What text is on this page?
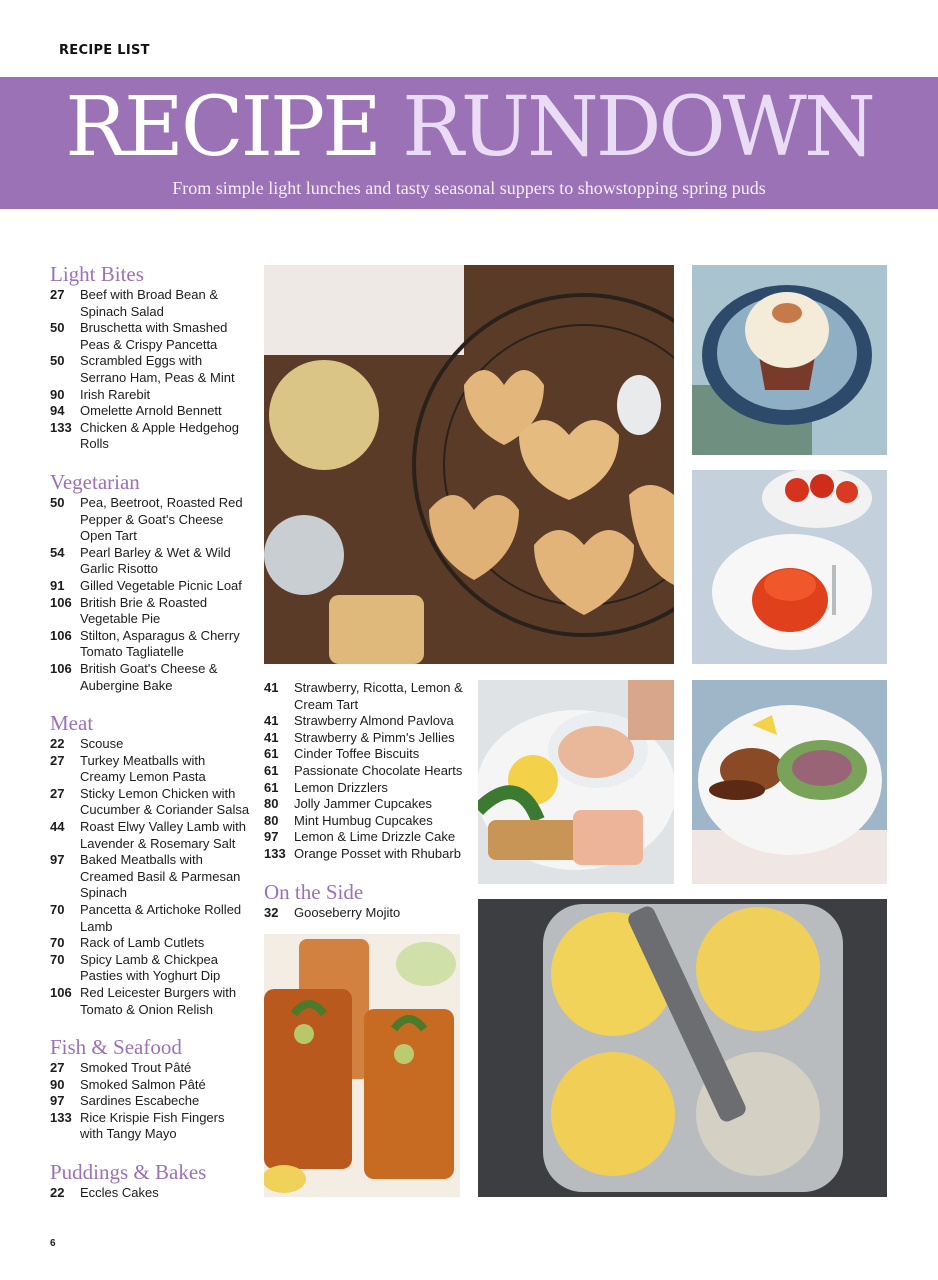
RECIPE LIST
RECIPE RUNDOWN
From simple light lunches and tasty seasonal suppers to showstopping spring puds
Light Bites
27	Beef with Broad Bean & Spinach Salad
50	Bruschetta with Smashed Peas & Crispy Pancetta
50	Scrambled Eggs with Serrano Ham, Peas & Mint
90	Irish Rarebit
94	Omelette Arnold Bennett
133 Chicken & Apple Hedgehog Rolls
Vegetarian
50	Pea, Beetroot, Roasted Red Pepper & Goat's Cheese Open Tart
54	Pearl Barley & Wet & Wild Garlic Risotto
91	Gilled Vegetable Picnic Loaf
106 British Brie & Roasted Vegetable Pie
106 Stilton, Asparagus & Cherry Tomato Tagliatelle
106 British Goat's Cheese & Aubergine Bake
Meat
22	Scouse
27	Turkey Meatballs with Creamy Lemon Pasta
27	Sticky Lemon Chicken with Cucumber & Coriander Salsa
44	Roast Elwy Valley Lamb with Lavender & Rosemary Salt
97	Baked Meatballs with Creamed Basil & Parmesan Spinach
70	Pancetta & Artichoke Rolled Lamb
70	Rack of Lamb Cutlets
70	Spicy Lamb & Chickpea Pasties with Yoghurt Dip
106 Red Leicester Burgers with Tomato & Onion Relish
Fish & Seafood
27	Smoked Trout Pâté
90	Smoked Salmon Pâté
97	Sardines Escabeche
133 Rice Krispie Fish Fingers with Tangy Mayo
Puddings & Bakes
22	Eccles Cakes
41	Strawberry, Ricotta, Lemon & Cream Tart
41	Strawberry Almond Pavlova
41	Strawberry & Pimm's Jellies
61	Cinder Toffee Biscuits
61	Passionate Chocolate Hearts
61	Lemon Drizzlers
80	Jolly Jammer Cupcakes
80	Mint Humbug Cupcakes
97	Lemon & Lime Drizzle Cake
133 Orange Posset with Rhubarb
On the Side
32	Gooseberry Mojito
6
